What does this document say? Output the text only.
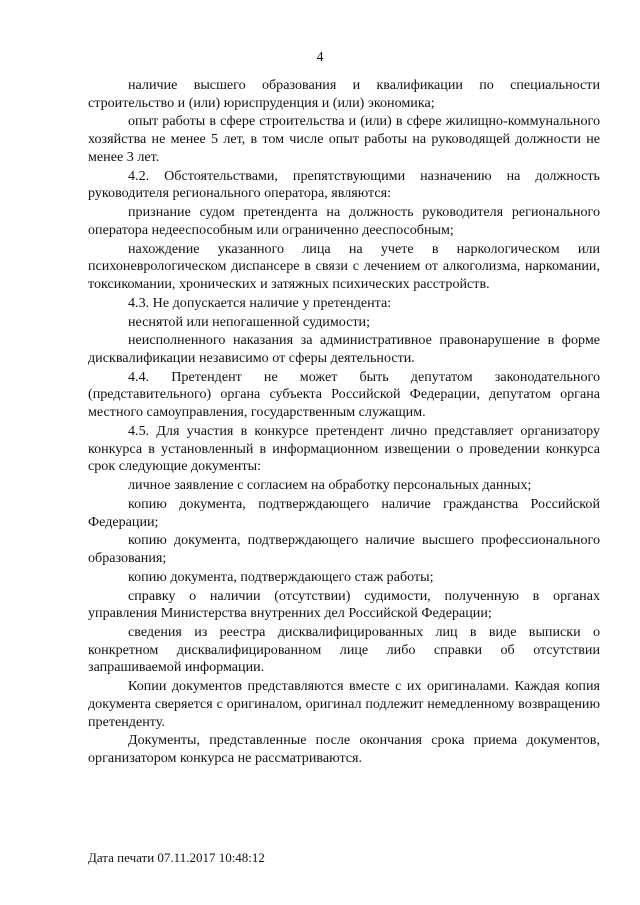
4

наличие высшего образования и квалификации по специальности строительство и (или) юриспруденция и (или) экономика;

опыт работы в сфере строительства и (или) в сфере жилищно-коммунального хозяйства не менее 5 лет, в том числе опыт работы на руководящей должности не менее 3 лет.

4.2. Обстоятельствами, препятствующими назначению на должность руководителя регионального оператора, являются:

признание судом претендента на должность руководителя регионального оператора недееспособным или ограниченно дееспособным;

нахождение указанного лица на учете в наркологическом или психоневрологическом диспансере в связи с лечением от алкоголизма, наркомании, токсикомании, хронических и затяжных психических расстройств.

4.3. Не допускается наличие у претендента:

неснятой или непогашенной судимости;

неисполненного наказания за административное правонарушение в форме дисквалификации независимо от сферы деятельности.

4.4. Претендент не может быть депутатом законодательного (представительного) органа субъекта Российской Федерации, депутатом органа местного самоуправления, государственным служащим.

4.5. Для участия в конкурсе претендент лично представляет организатору конкурса в установленный в информационном извещении о проведении конкурса срок следующие документы:

личное заявление с согласием на обработку персональных данных;

копию документа, подтверждающего наличие гражданства Российской Федерации;

копию документа, подтверждающего наличие высшего профессионального образования;

копию документа, подтверждающего стаж работы;

справку о наличии (отсутствии) судимости, полученную в органах управления Министерства внутренних дел Российской Федерации;

сведения из реестра дисквалифицированных лиц в виде выписки о конкретном дисквалифицированном лице либо справки об отсутствии запрашиваемой информации.

Копии документов представляются вместе с их оригиналами. Каждая копия документа сверяется с оригиналом, оригинал подлежит немедленному возвращению претенденту.

Документы, представленные после окончания срока приема документов, организатором конкурса не рассматриваются.

Дата печати 07.11.2017 10:48:12
